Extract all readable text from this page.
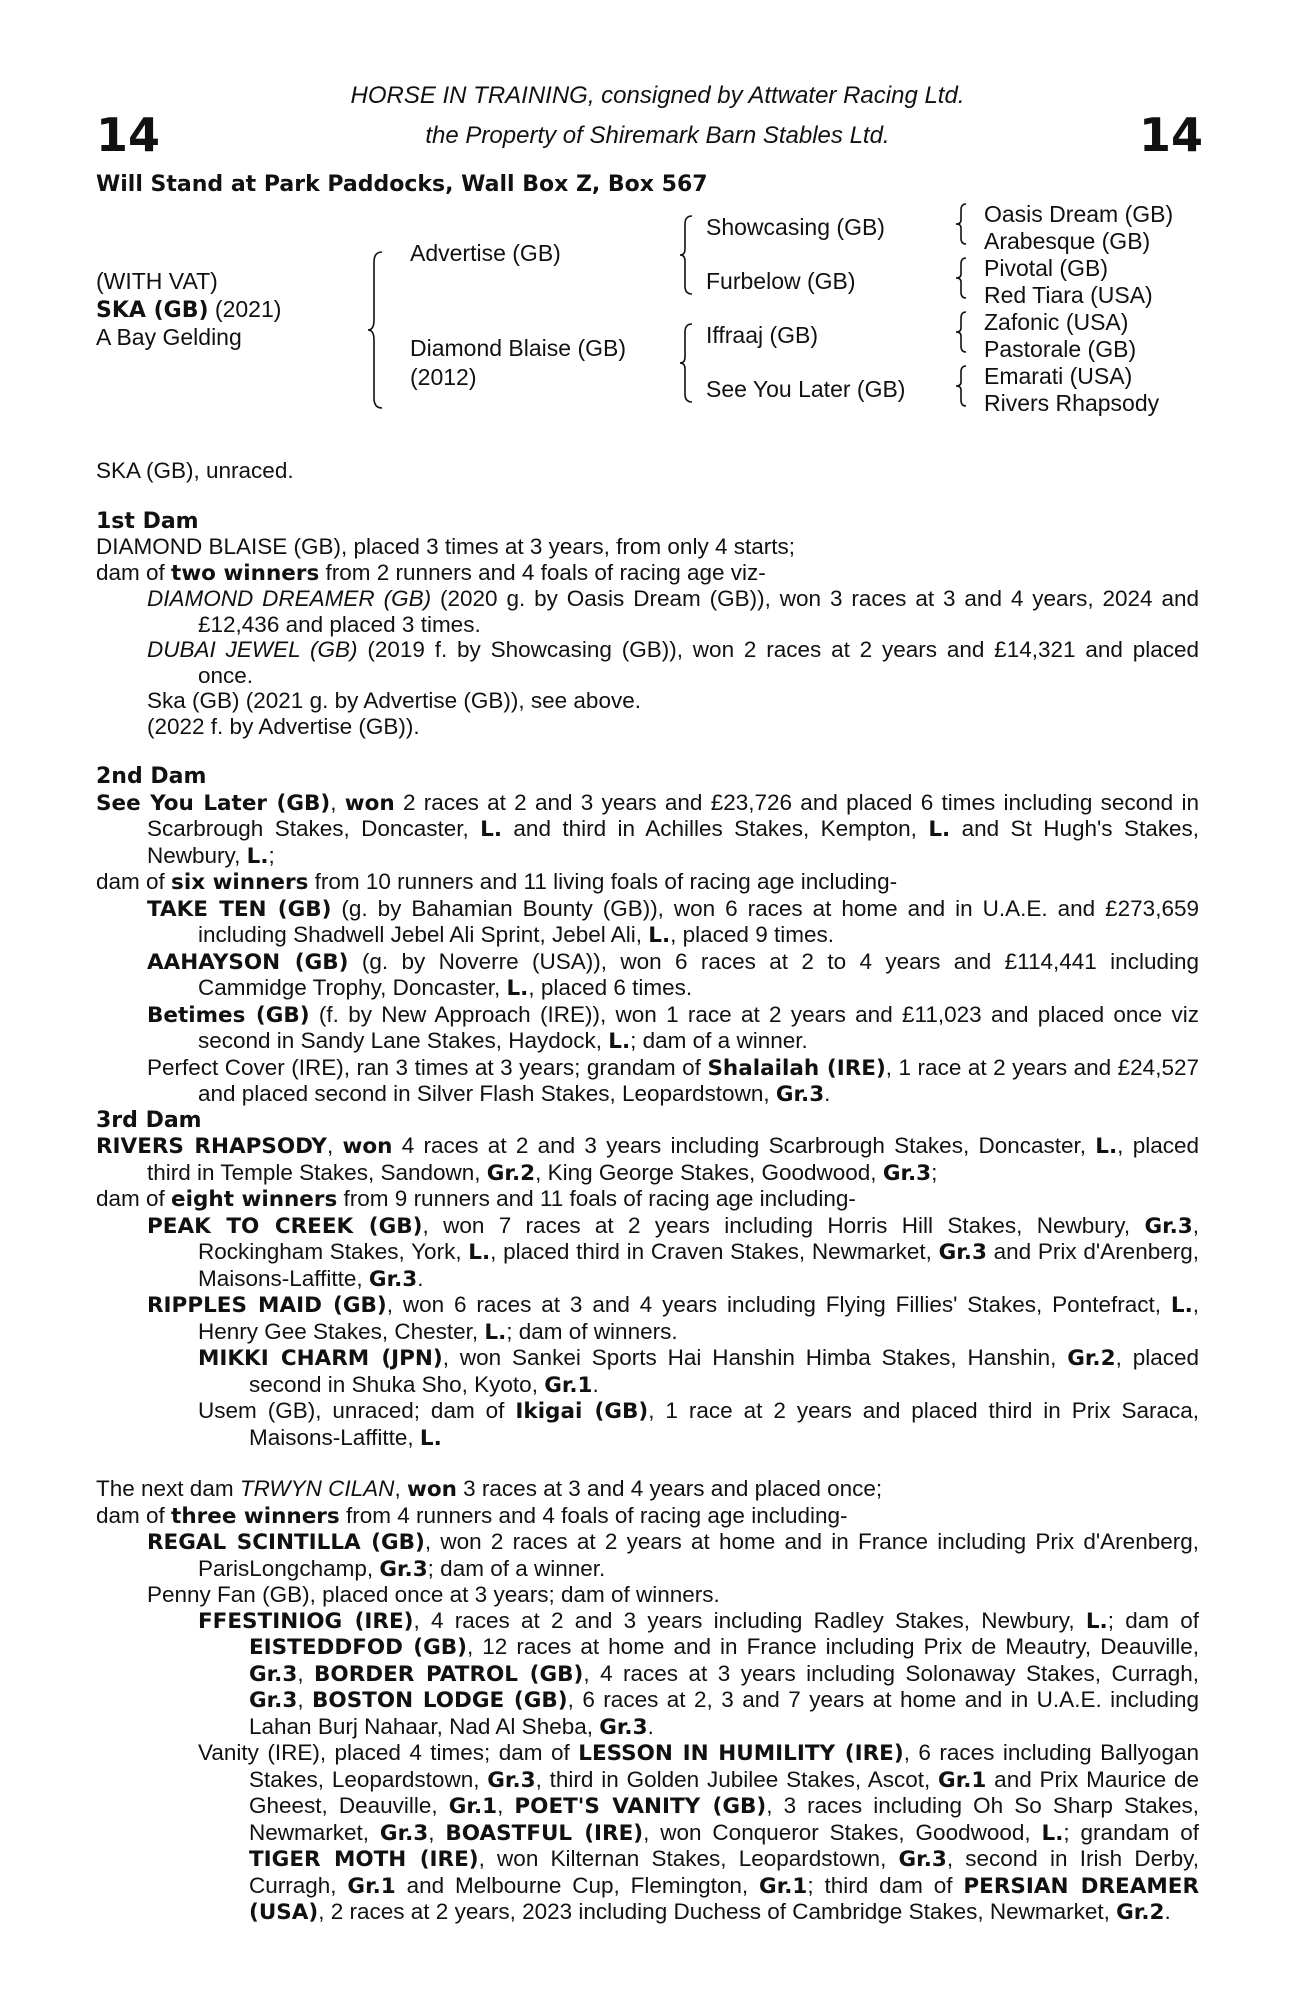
14	14
HORSE IN TRAINING, consigned by Attwater Racing Ltd.
the Property of Shiremark Barn Stables Ltd.
Will Stand at Park Paddocks, Wall Box Z, Box 567
(WITH VAT)
SKA (GB) (2021)
A Bay Gelding
Advertise (GB)
Diamond Blaise (GB)
(2012)
Showcasing (GB)
Furbelow (GB)
Iffraaj (GB)
See You Later (GB)
Oasis Dream (GB)
Arabesque (GB)
Pivotal (GB)
Red Tiara (USA)
Zafonic (USA)
Pastorale (GB)
Emarati (USA)
Rivers Rhapsody

SKA (GB), unraced.

1st Dam

DIAMOND BLAISE (GB), placed 3 times at 3 years, from only 4 starts;

dam of two winners from 2 runners and 4 foals of racing age viz-

DIAMOND DREAMER (GB) (2020 g. by Oasis Dream (GB)), won 3 races at 3 and 4 years, 2024 and £12,436 and placed 3 times.

DUBAI JEWEL (GB) (2019 f. by Showcasing (GB)), won 2 races at 2 years and £14,321 and placed once.

Ska (GB) (2021 g. by Advertise (GB)), see above.

(2022 f. by Advertise (GB)).

2nd Dam

See You Later (GB), won 2 races at 2 and 3 years and £23,726 and placed 6 times including second in Scarbrough Stakes, Doncaster, L. and third in Achilles Stakes, Kempton, L. and St Hugh's Stakes, Newbury, L.;

dam of six winners from 10 runners and 11 living foals of racing age including-

TAKE TEN (GB) (g. by Bahamian Bounty (GB)), won 6 races at home and in U.A.E. and £273,659 including Shadwell Jebel Ali Sprint, Jebel Ali, L., placed 9 times.

AAHAYSON (GB) (g. by Noverre (USA)), won 6 races at 2 to 4 years and £114,441 including Cammidge Trophy, Doncaster, L., placed 6 times.

Betimes (GB) (f. by New Approach (IRE)), won 1 race at 2 years and £11,023 and placed once viz second in Sandy Lane Stakes, Haydock, L.; dam of a winner.

Perfect Cover (IRE), ran 3 times at 3 years; grandam of Shalailah (IRE), 1 race at 2 years and £24,527 and placed second in Silver Flash Stakes, Leopardstown, Gr.3.

3rd Dam

RIVERS RHAPSODY, won 4 races at 2 and 3 years including Scarbrough Stakes, Doncaster, L., placed third in Temple Stakes, Sandown, Gr.2, King George Stakes, Goodwood, Gr.3;

dam of eight winners from 9 runners and 11 foals of racing age including-

PEAK TO CREEK (GB), won 7 races at 2 years including Horris Hill Stakes, Newbury, Gr.3, Rockingham Stakes, York, L., placed third in Craven Stakes, Newmarket, Gr.3 and Prix d'Arenberg, Maisons-Laffitte, Gr.3.

RIPPLES MAID (GB), won 6 races at 3 and 4 years including Flying Fillies' Stakes, Pontefract, L., Henry Gee Stakes, Chester, L.; dam of winners.

MIKKI CHARM (JPN), won Sankei Sports Hai Hanshin Himba Stakes, Hanshin, Gr.2, placed second in Shuka Sho, Kyoto, Gr.1.

Usem (GB), unraced; dam of Ikigai (GB), 1 race at 2 years and placed third in Prix Saraca, Maisons-Laffitte, L.

The next dam TRWYN CILAN, won 3 races at 3 and 4 years and placed once;

dam of three winners from 4 runners and 4 foals of racing age including-

REGAL SCINTILLA (GB), won 2 races at 2 years at home and in France including Prix d'Arenberg, ParisLongchamp, Gr.3; dam of a winner.

Penny Fan (GB), placed once at 3 years; dam of winners.

FFESTINIOG (IRE), 4 races at 2 and 3 years including Radley Stakes, Newbury, L.; dam of EISTEDDFOD (GB), 12 races at home and in France including Prix de Meautry, Deauville, Gr.3, BORDER PATROL (GB), 4 races at 3 years including Solonaway Stakes, Curragh, Gr.3, BOSTON LODGE (GB), 6 races at 2, 3 and 7 years at home and in U.A.E. including Lahan Burj Nahaar, Nad Al Sheba, Gr.3.

Vanity (IRE), placed 4 times; dam of LESSON IN HUMILITY (IRE), 6 races including Ballyogan Stakes, Leopardstown, Gr.3, third in Golden Jubilee Stakes, Ascot, Gr.1 and Prix Maurice de Gheest, Deauville, Gr.1, POET'S VANITY (GB), 3 races including Oh So Sharp Stakes, Newmarket, Gr.3, BOASTFUL (IRE), won Conqueror Stakes, Goodwood, L.; grandam of TIGER MOTH (IRE), won Kilternan Stakes, Leopardstown, Gr.3, second in Irish Derby, Curragh, Gr.1 and Melbourne Cup, Flemington, Gr.1; third dam of PERSIAN DREAMER (USA), 2 races at 2 years, 2023 including Duchess of Cambridge Stakes, Newmarket, Gr.2.
